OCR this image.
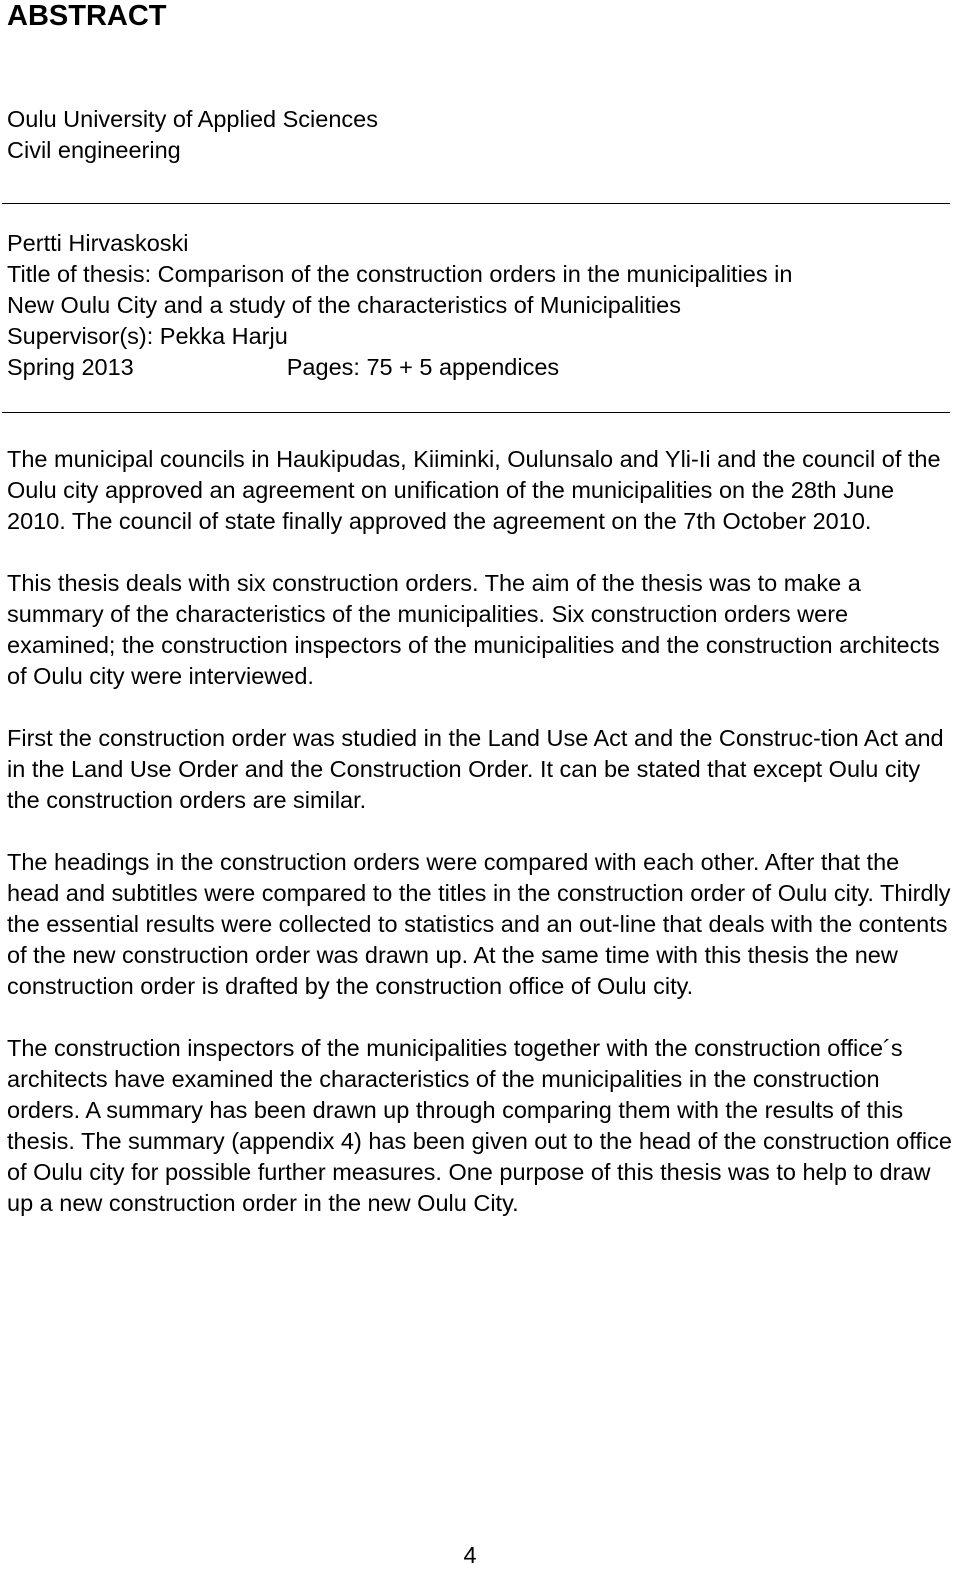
ABSTRACT
Oulu University of Applied Sciences
Civil engineering
Pertti Hirvaskoski
Title of thesis: Comparison of the construction orders in the municipalities in
New Oulu City and a study of the characteristics of Municipalities
Supervisor(s): Pekka Harju
Spring 2013	Pages: 75 + 5 appendices

The municipal councils in Haukipudas, Kiiminki, Oulunsalo and Yli-Ii and the council of the Oulu city approved an agreement on unification of the municipalities on the 28th June 2010. The council of state finally approved the agreement on the 7th October 2010.

This thesis deals with six construction orders. The aim of the thesis was to make a summary of the characteristics of the municipalities. Six construction orders were examined; the construction inspectors of the municipalities and the construction architects of Oulu city were interviewed.

First the construction order was studied in the Land Use Act and the Construc-tion Act and in the Land Use Order and the Construction Order. It can be stated that except Oulu city the construction orders are similar.

The headings in the construction orders were compared with each other. After that the head and subtitles were compared to the titles in the construction order of Oulu city. Thirdly the essential results were collected to statistics and an out-line that deals with the contents of the new construction order was drawn up. At the same time with this thesis the new construction order is drafted by the construction office of Oulu city.

The construction inspectors of the municipalities together with the construction office´s architects have examined the characteristics of the municipalities in the construction orders. A summary has been drawn up through comparing them with the results of this thesis. The summary (appendix 4) has been given out to the head of the construction office of Oulu city for possible further measures. One purpose of this thesis was to help to draw up a new construction order in the new Oulu City.

4
